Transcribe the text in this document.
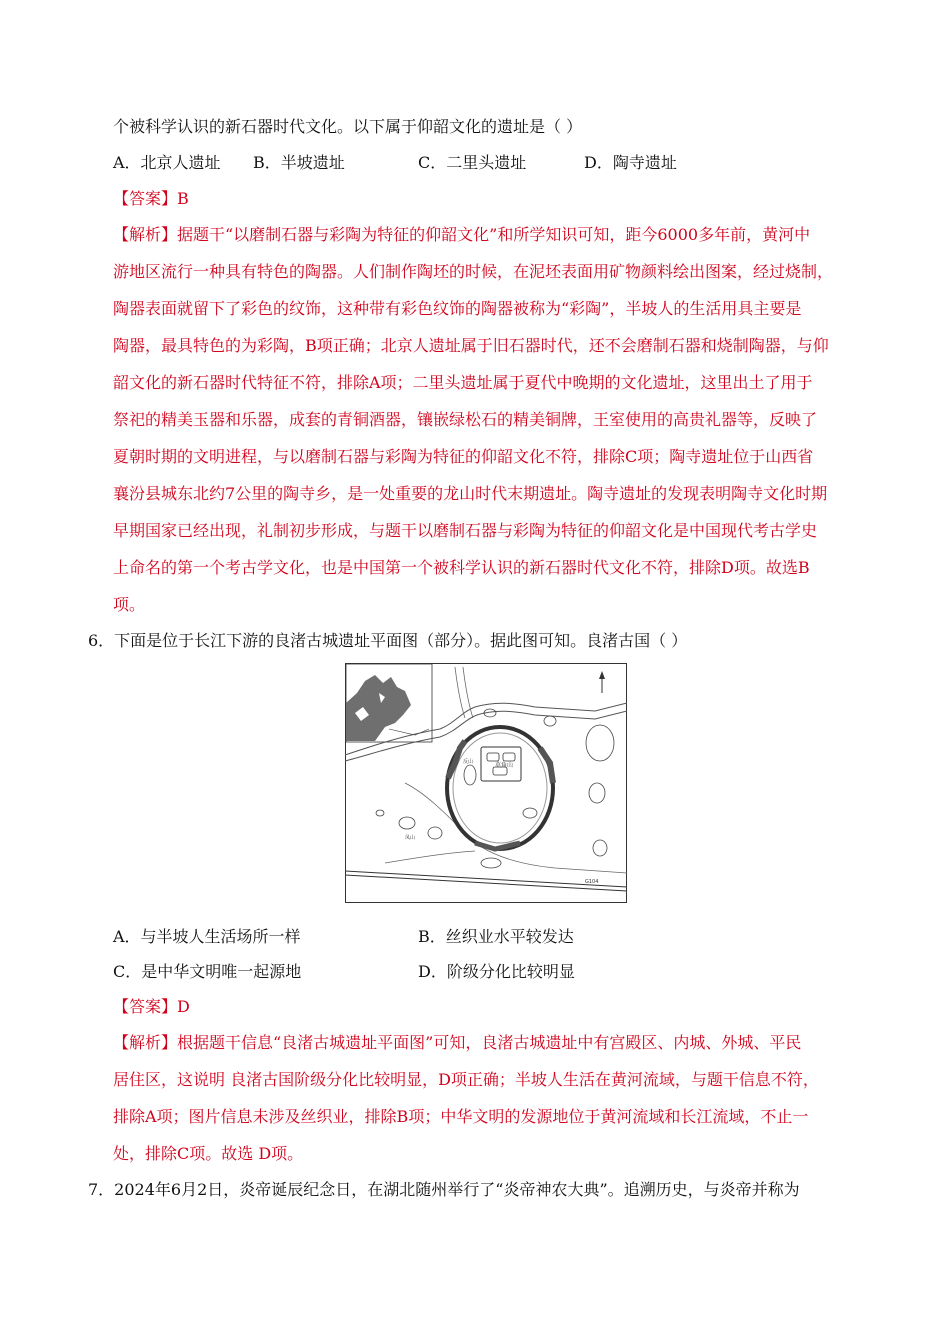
个被科学认识的新石器时代文化。以下属于仰韶文化的遗址是（ ）
A．北京人遗址 B．半坡遗址	C．二里头遗址	D．陶寺遗址
【答案】B
【解析】据题干“以磨制石器与彩陶为特征的仰韶文化”和所学知识可知，距今6000多年前，黄河中
游地区流行一种具有特色的陶器。人们制作陶坯的时候，在泥坯表面用矿物颜料绘出图案，经过烧制，
陶器表面就留下了彩色的纹饰，这种带有彩色纹饰的陶器被称为“彩陶”，半坡人的生活用具主要是
陶器，最具特色的为彩陶，B项正确；北京人遗址属于旧石器时代，还不会磨制石器和烧制陶器，与仰
韶文化的新石器时代特征不符，排除A项；二里头遗址属于夏代中晚期的文化遗址，这里出土了用于
祭祀的精美玉器和乐器，成套的青铜酒器，镶嵌绿松石的精美铜牌，王室使用的高贵礼器等，反映了
夏朝时期的文明进程，与以磨制石器与彩陶为特征的仰韶文化不符，排除C项；陶寺遗址位于山西省
襄汾县城东北约7公里的陶寺乡，是一处重要的龙山时代末期遗址。陶寺遗址的发现表明陶寺文化时期
早期国家已经出现，礼制初步形成，与题干以磨制石器与彩陶为特征的仰韶文化是中国现代考古学史
上命名的第一个考古学文化，也是中国第一个被科学认识的新石器时代文化不符，排除D项。故选B
项。
6．下面是位于长江下游的良渚古城遗址平面图（部分）。据此图可知。良渚古国（ ）
莫角山
反山
凤山
G104
A．与半坡人生活场所一样	B．丝织业水平较发达
C．是中华文明唯一起源地	D．阶级分化比较明显
【答案】D
【解析】根据题干信息“良渚古城遗址平面图”可知，良渚古城遗址中有宫殿区、内城、外城、平民
居住区，这说明 良渚古国阶级分化比较明显，D项正确；半坡人生活在黄河流域，与题干信息不符，
排除A项；图片信息未涉及丝织业，排除B项；中华文明的发源地位于黄河流域和长江流域，不止一
处，排除C项。故选 D项。
7．2024年6月2日，炎帝诞辰纪念日，在湖北随州举行了“炎帝神农大典”。追溯历史，与炎帝并称为
